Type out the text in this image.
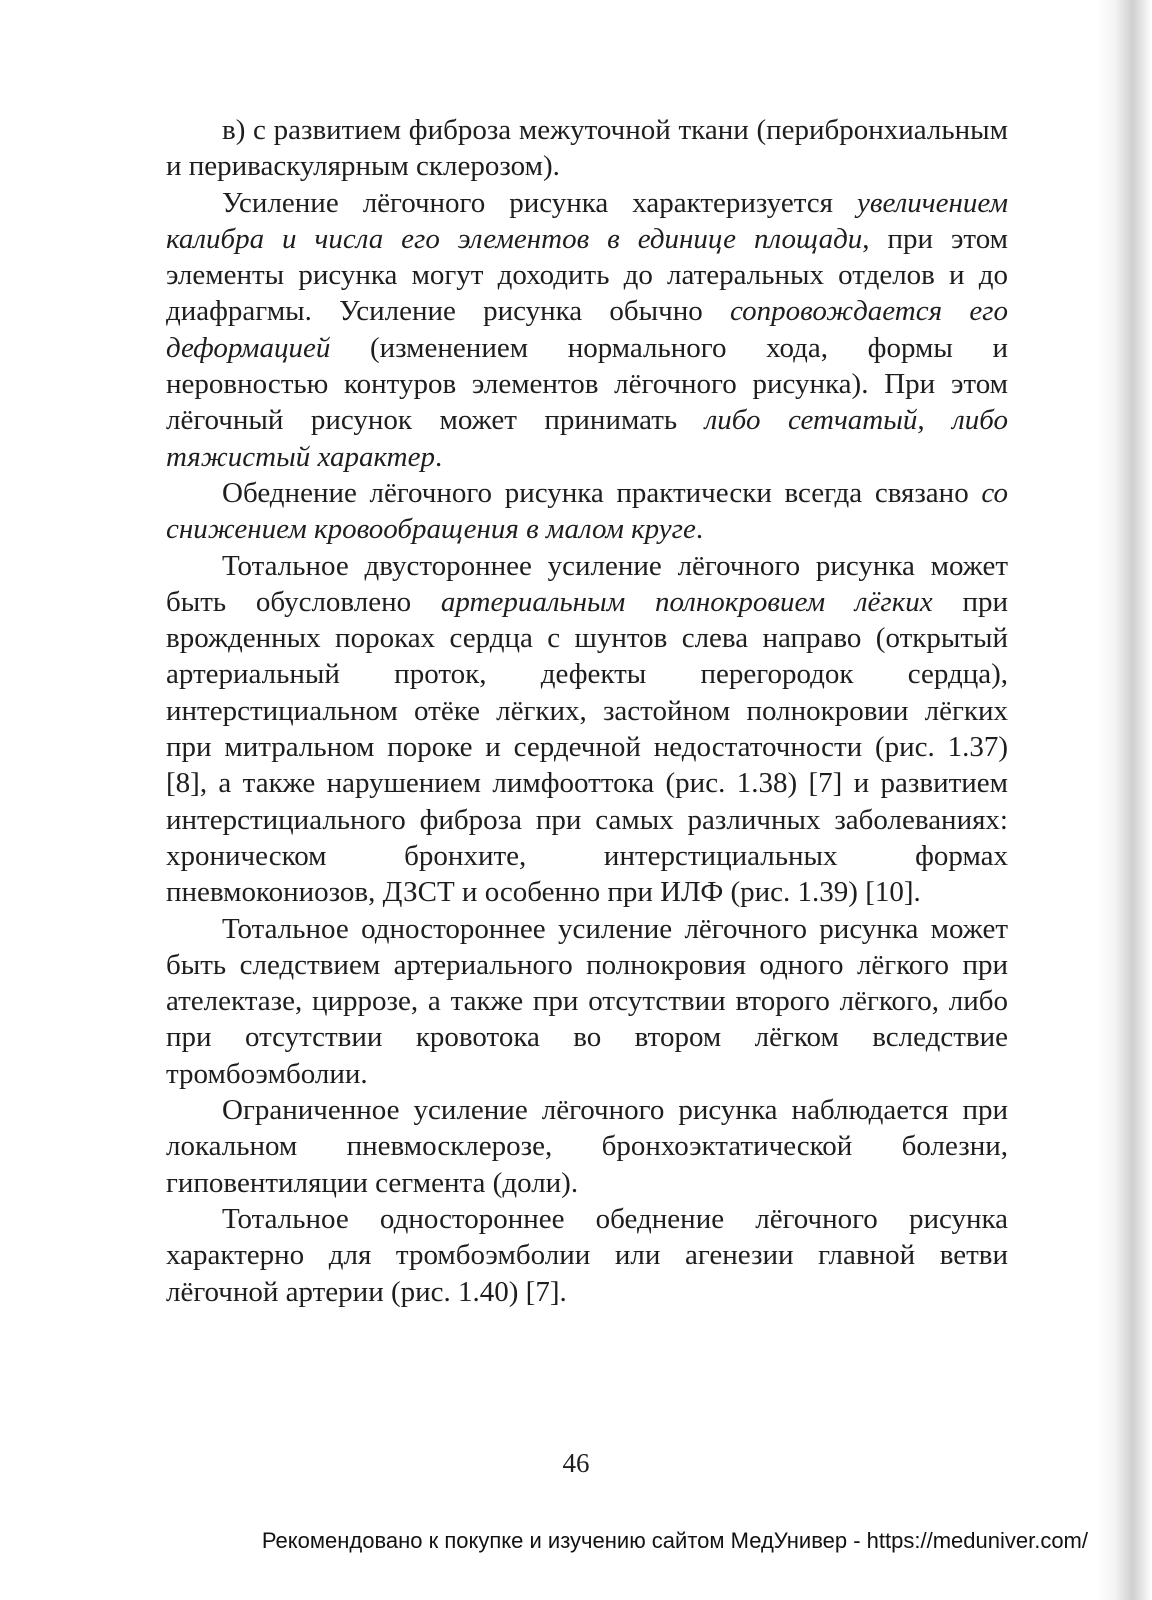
в) с развитием фиброза межуточной ткани (перибронхиальным и периваскулярным склерозом).

Усиление лёгочного рисунка характеризуется увеличением калибра и числа его элементов в единице площади, при этом элементы рисунка могут доходить до латеральных отделов и до диафрагмы. Усиление рисунка обычно сопровождается его деформацией (изменением нормального хода, формы и неровностью контуров элементов лёгочного рисунка). При этом лёгочный рисунок может принимать либо сетчатый, либо тяжистый характер.

Обеднение лёгочного рисунка практически всегда связано со снижением кровообращения в малом круге.

Тотальное двустороннее усиление лёгочного рисунка может быть обусловлено артериальным полнокровием лёгких при врожденных пороках сердца с шунтов слева направо (открытый артериальный проток, дефекты перегородок сердца), интерстициальном отёке лёгких, застойном полнокровии лёгких при митральном пороке и сердечной недостаточности (рис. 1.37) [8], а также нарушением лимфооттока (рис. 1.38) [7] и развитием интерстициального фиброза при самых различных заболеваниях: хроническом бронхите, интерстициальных формах пневмокониозов, ДЗСТ и особенно при ИЛФ (рис. 1.39) [10].

Тотальное одностороннее усиление лёгочного рисунка может быть следствием артериального полнокровия одного лёгкого при ателектазе, циррозе, а также при отсутствии второго лёгкого, либо при отсутствии кровотока во втором лёгком вследствие тромбоэмболии.

Ограниченное усиление лёгочного рисунка наблюдается при локальном пневмосклерозе, бронхоэктатической болезни, гиповентиляции сегмента (доли).

Тотальное одностороннее обеднение лёгочного рисунка характерно для тромбоэмболии или агенезии главной ветви лёгочной артерии (рис. 1.40) [7].

46
Рекомендовано к покупке и изучению сайтом МедУнивер - https://meduniver.com/
